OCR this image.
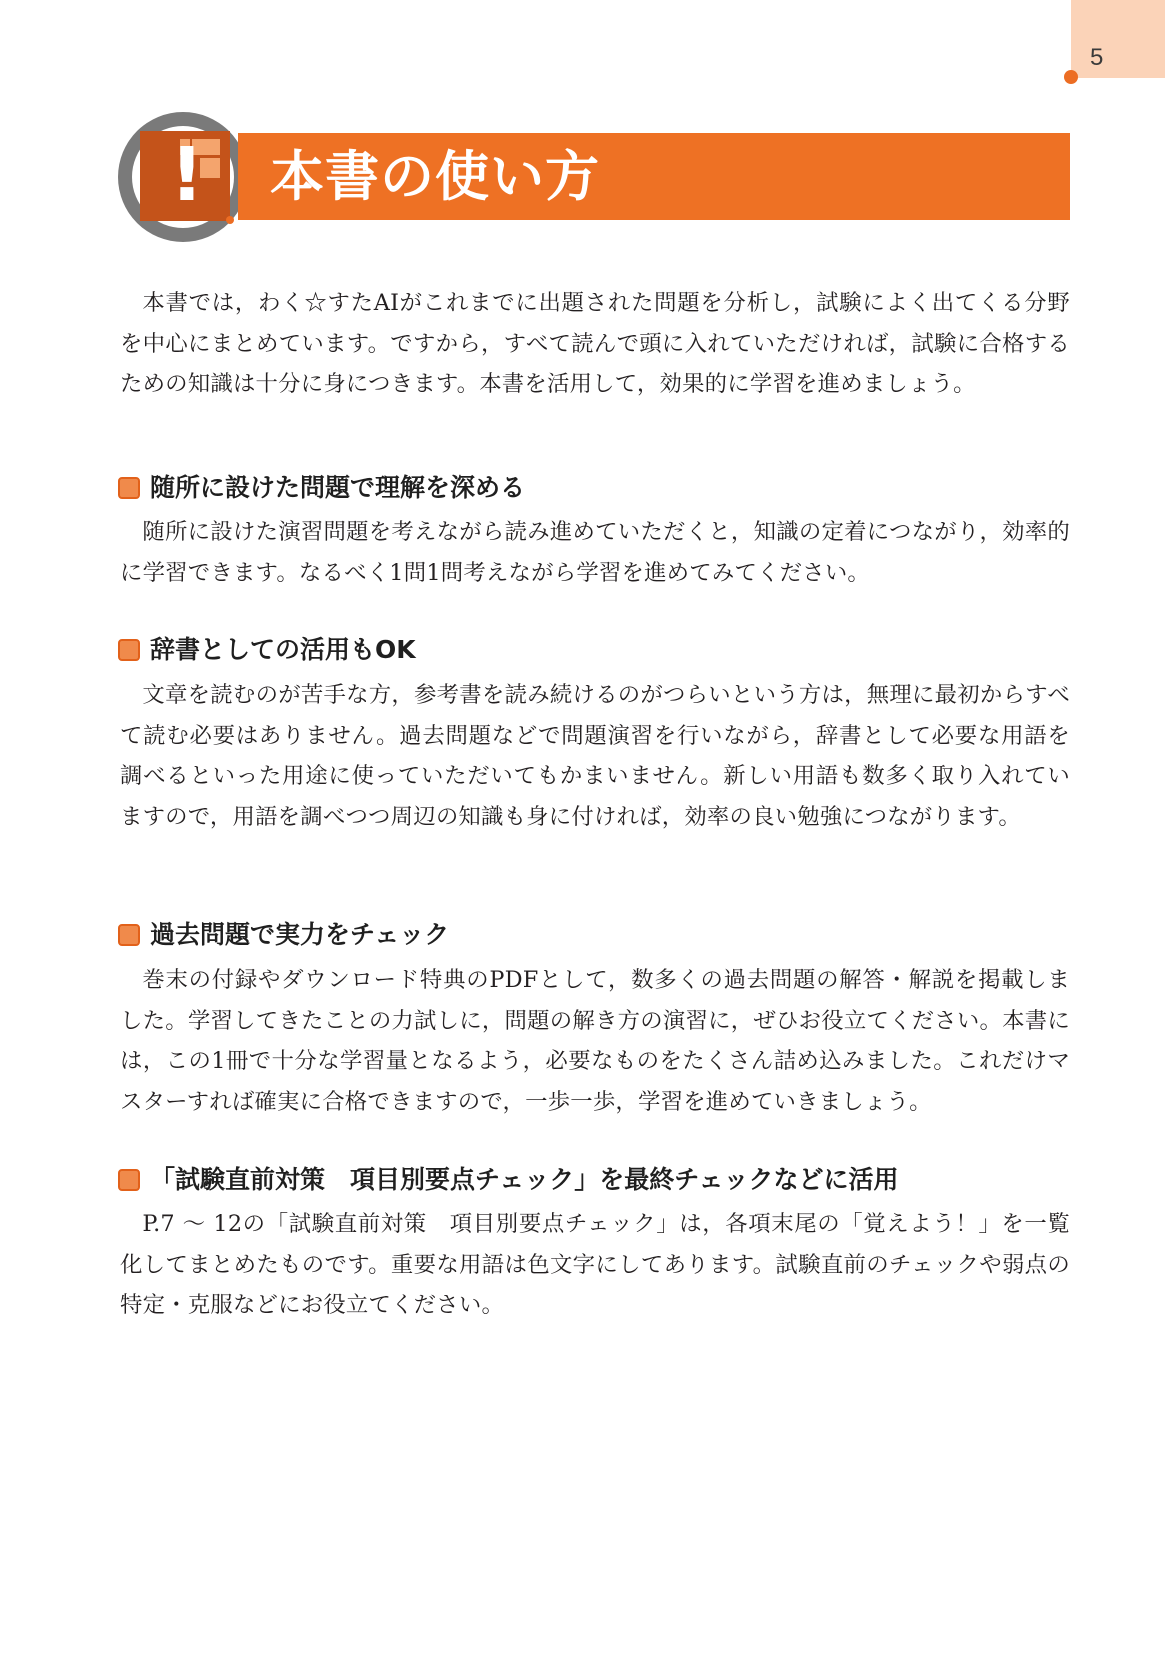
5
! 本書の使い方

本書では，わく☆すたAIがこれまでに出題された問題を分析し，試験によく出てくる分野を中心にまとめています。ですから，すべて読んで頭に入れていただければ，試験に合格するための知識は十分に身につきます。本書を活用して，効果的に学習を進めましょう。

随所に設けた問題で理解を深める

随所に設けた演習問題を考えながら読み進めていただくと，知識の定着につながり，効率的に学習できます。なるべく1問1問考えながら学習を進めてみてください。

辞書としての活用もOK

文章を読むのが苦手な方，参考書を読み続けるのがつらいという方は，無理に最初からすべて読む必要はありません。過去問題などで問題演習を行いながら，辞書として必要な用語を調べるといった用途に使っていただいてもかまいません。新しい用語も数多く取り入れていますので，用語を調べつつ周辺の知識も身に付ければ，効率の良い勉強につながります。

過去問題で実力をチェック

巻末の付録やダウンロード特典のPDFとして，数多くの過去問題の解答・解説を掲載しました。学習してきたことの力試しに，問題の解き方の演習に，ぜひお役立てください。本書には，この1冊で十分な学習量となるよう，必要なものをたくさん詰め込みました。これだけマスターすれば確実に合格できますので，一歩一歩，学習を進めていきましょう。

「試験直前対策　項目別要点チェック」を最終チェックなどに活用

P.7 〜 12の「試験直前対策　項目別要点チェック」は，各項末尾の「覚えよう！」を一覧化してまとめたものです。重要な用語は色文字にしてあります。試験直前のチェックや弱点の特定・克服などにお役立てください。
